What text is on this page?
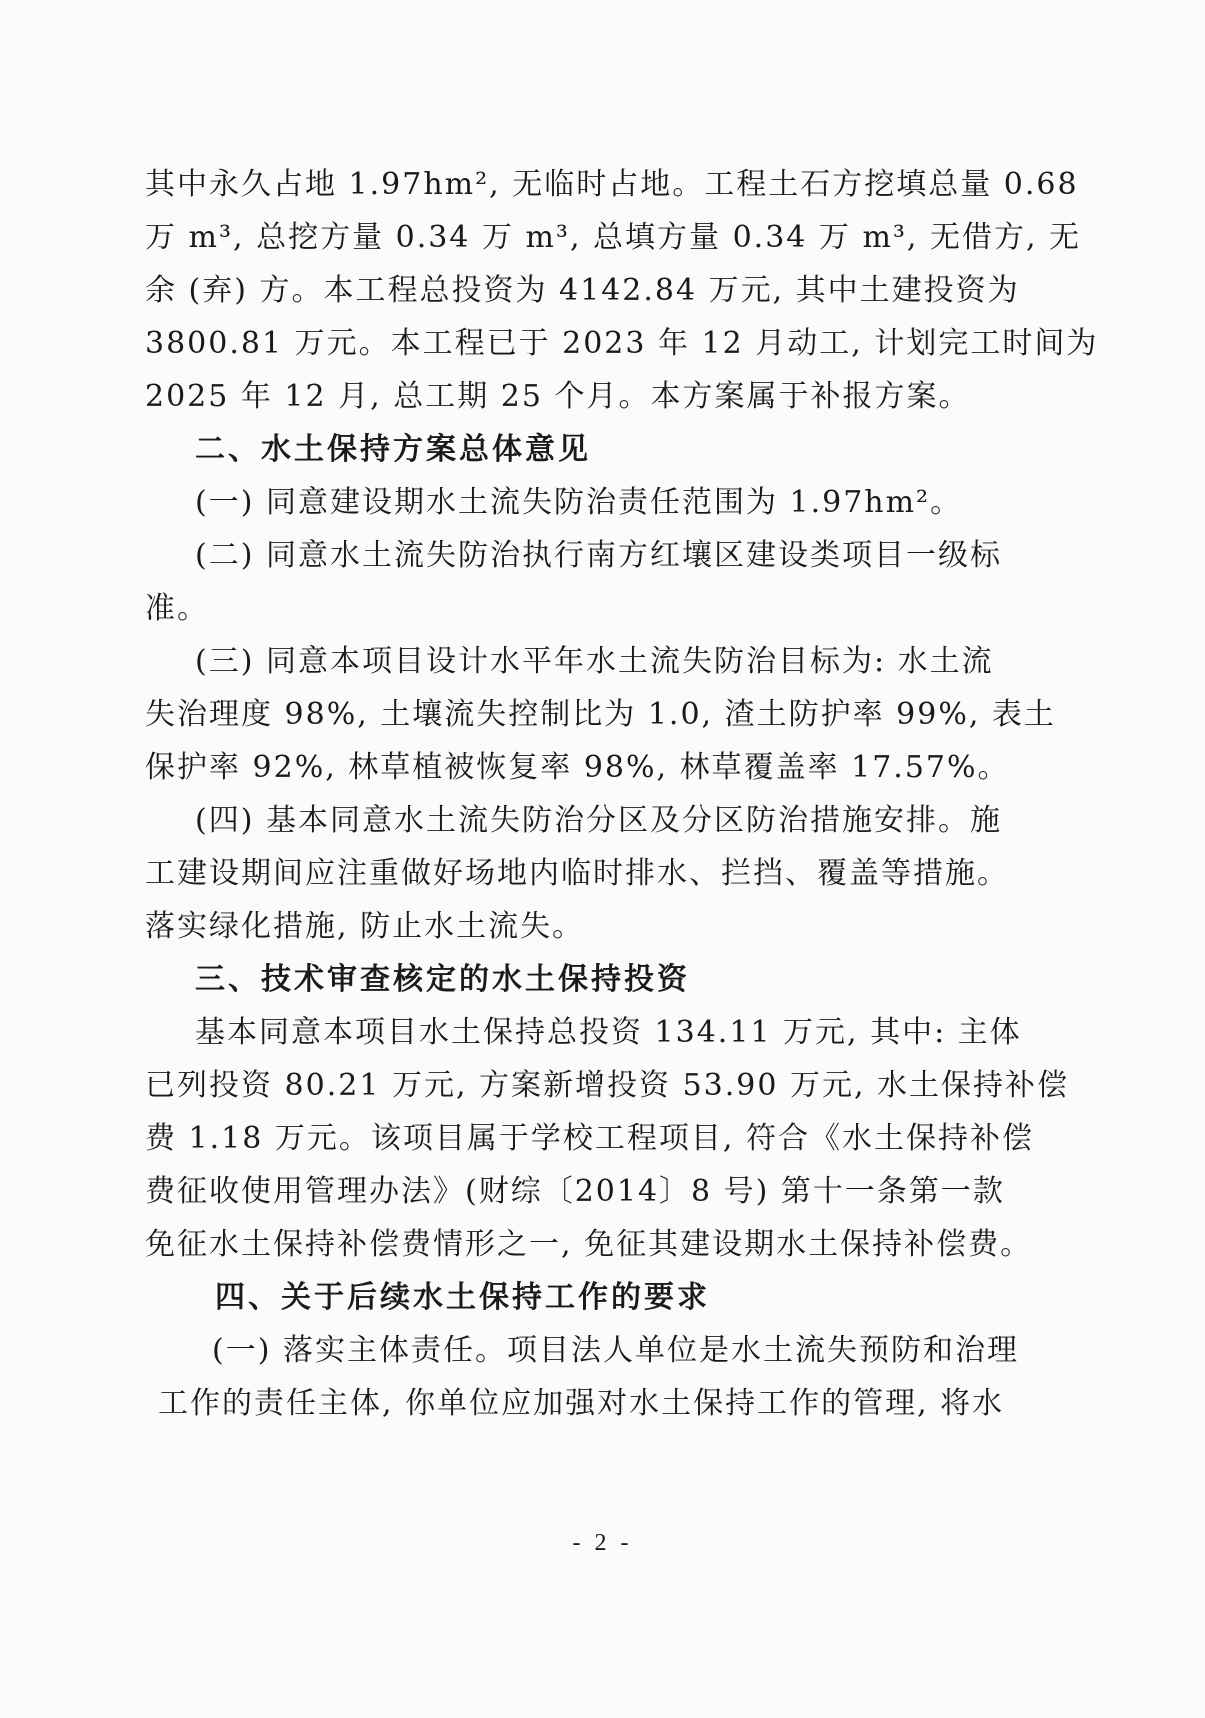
其中永久占地 1.97hm², 无临时占地。工程土石方挖填总量 0.68
万 m³, 总挖方量 0.34 万 m³, 总填方量 0.34 万 m³, 无借方, 无
余 (弃) 方。本工程总投资为 4142.84 万元, 其中土建投资为
3800.81 万元。本工程已于 2023 年 12 月动工, 计划完工时间为
2025 年 12 月, 总工期 25 个月。本方案属于补报方案。
二、水土保持方案总体意见
(一) 同意建设期水土流失防治责任范围为 1.97hm²。
(二) 同意水土流失防治执行南方红壤区建设类项目一级标
准。
(三) 同意本项目设计水平年水土流失防治目标为: 水土流
失治理度 98%, 土壤流失控制比为 1.0, 渣土防护率 99%, 表土
保护率 92%, 林草植被恢复率 98%, 林草覆盖率 17.57%。
(四) 基本同意水土流失防治分区及分区防治措施安排。施
工建设期间应注重做好场地内临时排水、拦挡、覆盖等措施。
落实绿化措施, 防止水土流失。
三、技术审查核定的水土保持投资
基本同意本项目水土保持总投资 134.11 万元, 其中: 主体
已列投资 80.21 万元, 方案新增投资 53.90 万元, 水土保持补偿
费 1.18 万元。该项目属于学校工程项目, 符合《水土保持补偿
费征收使用管理办法》(财综〔2014〕8 号) 第十一条第一款
免征水土保持补偿费情形之一, 免征其建设期水土保持补偿费。
四、关于后续水土保持工作的要求
(一) 落实主体责任。项目法人单位是水土流失预防和治理
工作的责任主体, 你单位应加强对水土保持工作的管理, 将水
- 2 -
